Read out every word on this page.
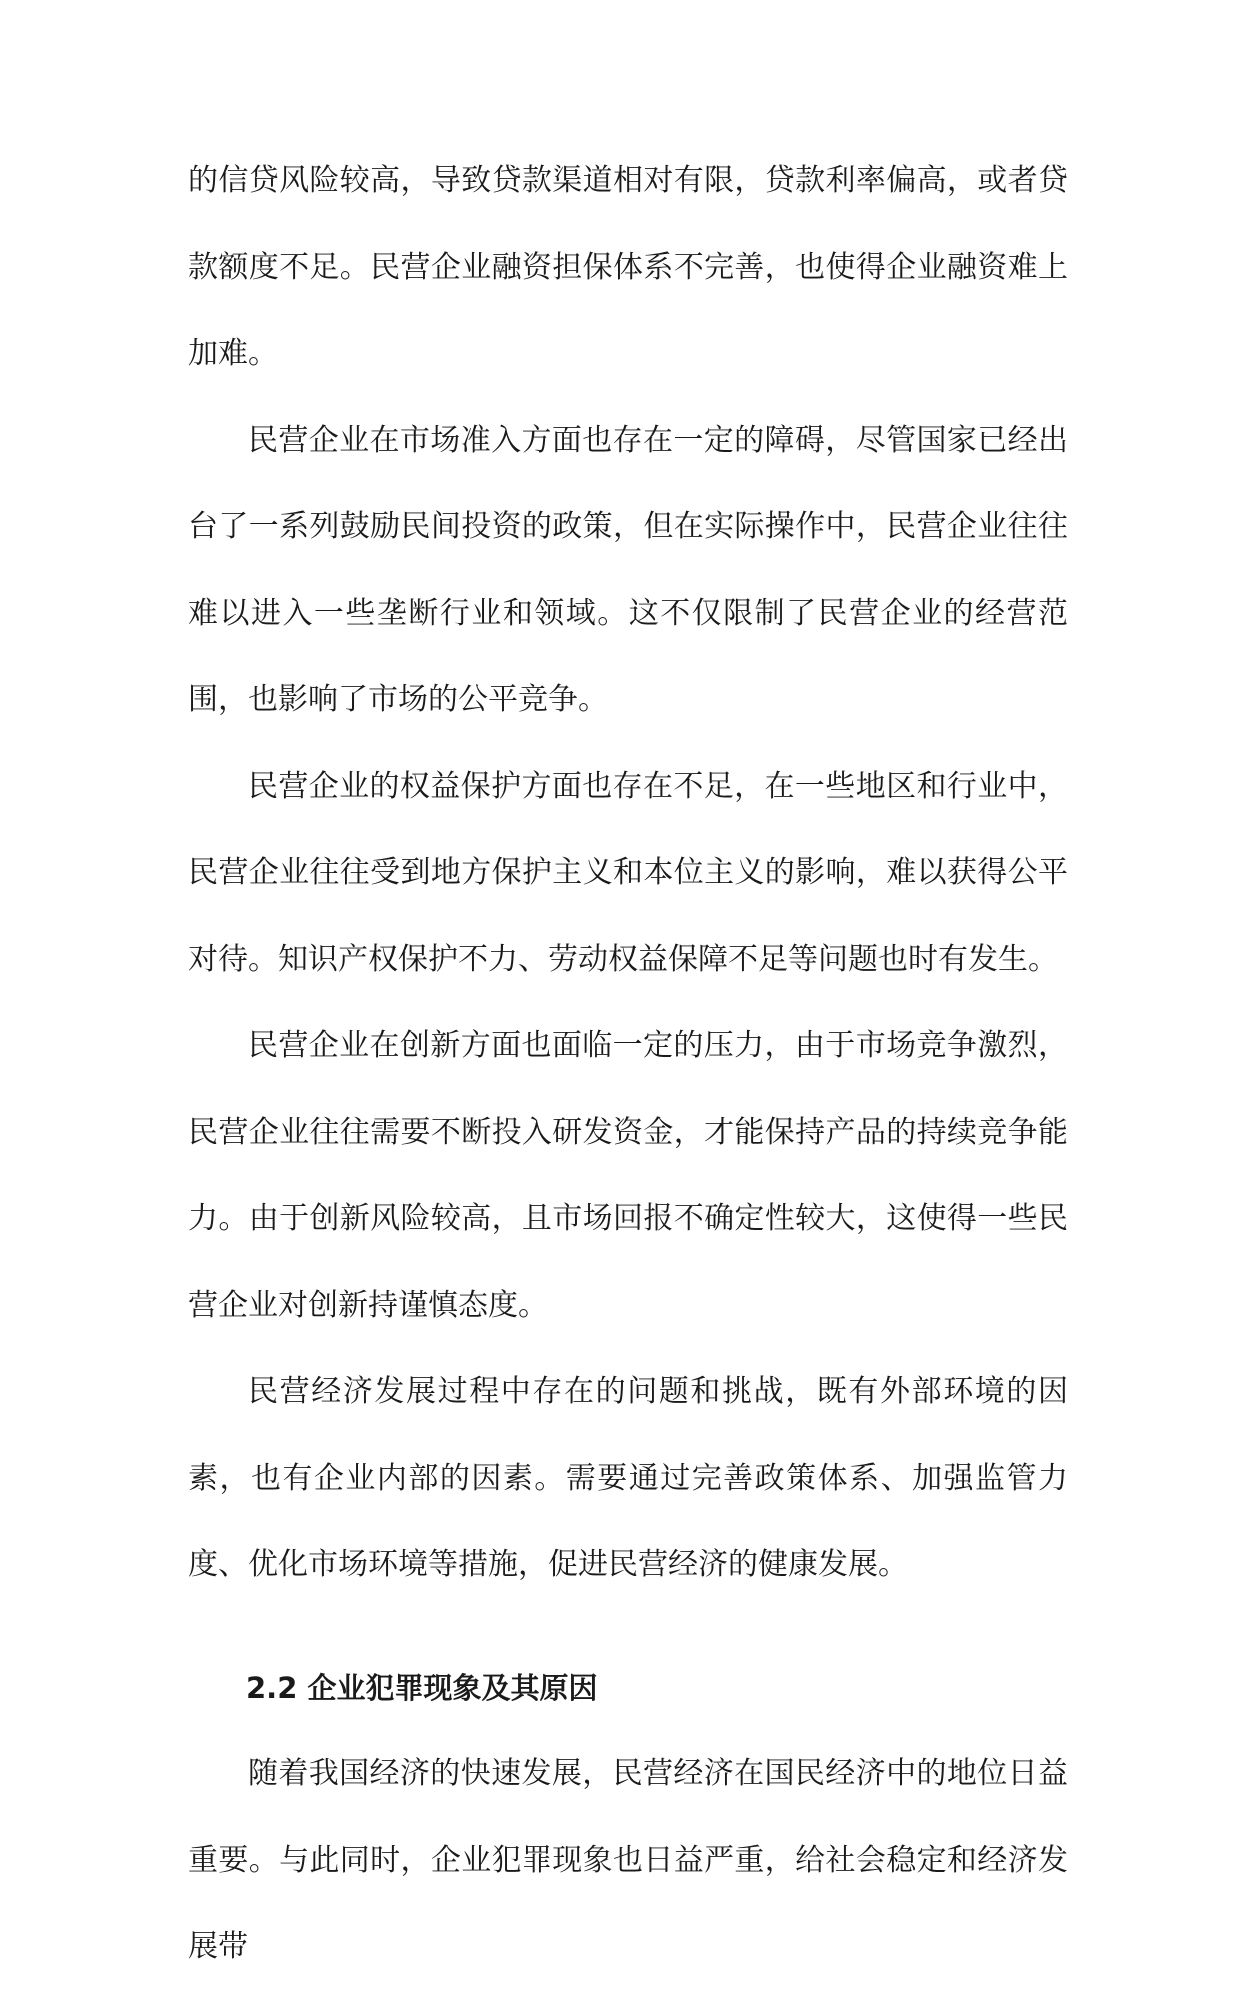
的信贷风险较高，导致贷款渠道相对有限，贷款利率偏高，或者贷款额度不足。民营企业融资担保体系不完善，也使得企业融资难上加难。

民营企业在市场准入方面也存在一定的障碍，尽管国家已经出台了一系列鼓励民间投资的政策，但在实际操作中，民营企业往往难以进入一些垄断行业和领域。这不仅限制了民营企业的经营范围，也影响了市场的公平竞争。

民营企业的权益保护方面也存在不足，在一些地区和行业中，民营企业往往受到地方保护主义和本位主义的影响，难以获得公平对待。知识产权保护不力、劳动权益保障不足等问题也时有发生。

民营企业在创新方面也面临一定的压力，由于市场竞争激烈，民营企业往往需要不断投入研发资金，才能保持产品的持续竞争能力。由于创新风险较高，且市场回报不确定性较大，这使得一些民营企业对创新持谨慎态度。

民营经济发展过程中存在的问题和挑战，既有外部环境的因素，也有企业内部的因素。需要通过完善政策体系、加强监管力度、优化市场环境等措施，促进民营经济的健康发展。

2.2 企业犯罪现象及其原因

随着我国经济的快速发展，民营经济在国民经济中的地位日益重要。与此同时，企业犯罪现象也日益严重，给社会稳定和经济发展带
